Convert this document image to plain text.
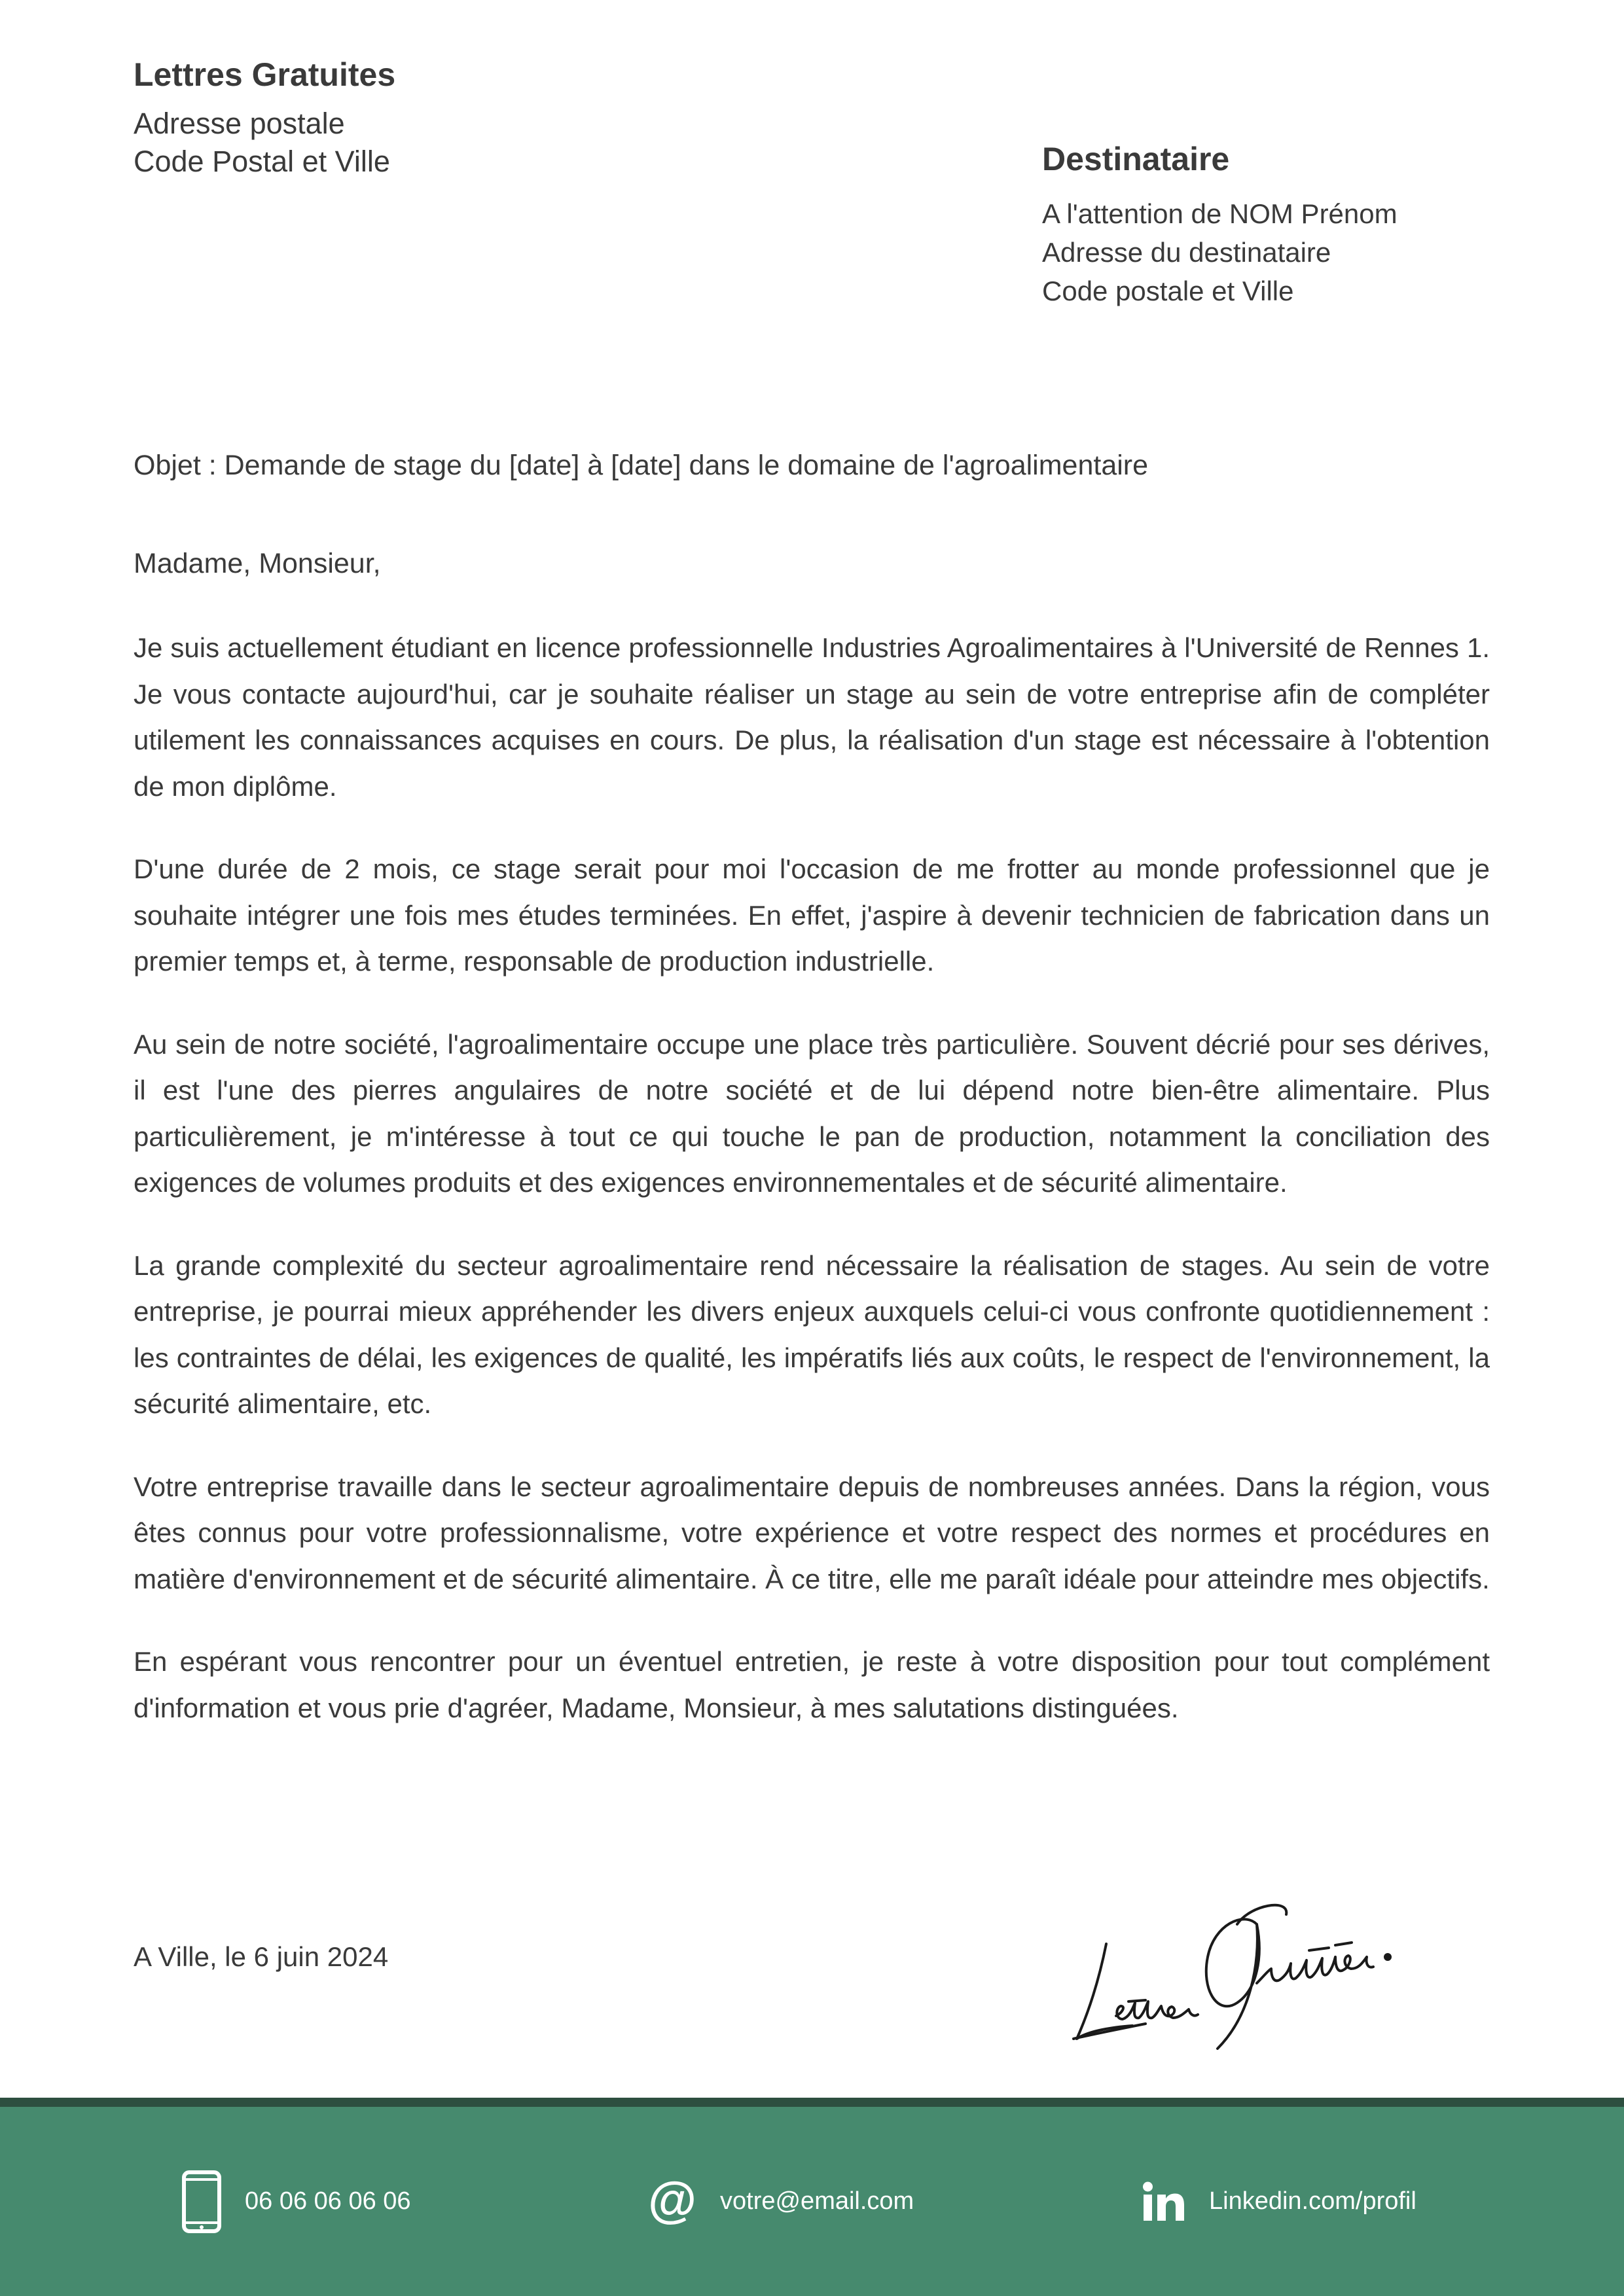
Lettres Gratuites
Adresse postale
Code Postal et Ville	Destinataire
A l'attention de NOM Prénom
Adresse du destinataire
Code postale et Ville
Objet : Demande de stage du [date] à [date] dans le domaine de l'agroalimentaire
Madame, Monsieur,

Je suis actuellement étudiant en licence professionnelle Industries Agroalimentaires à l'Université de Rennes 1. Je vous contacte aujourd'hui, car je souhaite réaliser un stage au sein de votre entreprise afin de compléter utilement les connaissances acquises en cours. De plus, la réalisation d'un stage est nécessaire à l'obtention de mon diplôme.

D'une durée de 2 mois, ce stage serait pour moi l'occasion de me frotter au monde professionnel que je souhaite intégrer une fois mes études terminées. En effet, j'aspire à devenir technicien de fabrication dans un premier temps et, à terme, responsable de production industrielle.

Au sein de notre société, l'agroalimentaire occupe une place très particulière. Souvent décrié pour ses dérives, il est l'une des pierres angulaires de notre société et de lui dépend notre bien-être alimentaire. Plus particulièrement, je m'intéresse à tout ce qui touche le pan de production, notamment la conciliation des exigences de volumes produits et des exigences environnementales et de sécurité alimentaire.

La grande complexité du secteur agroalimentaire rend nécessaire la réalisation de stages. Au sein de votre entreprise, je pourrai mieux appréhender les divers enjeux auxquels celui-ci vous confronte quotidiennement : les contraintes de délai, les exigences de qualité, les impératifs liés aux coûts, le respect de l'environnement, la sécurité alimentaire, etc.

Votre entreprise travaille dans le secteur agroalimentaire depuis de nombreuses années. Dans la région, vous êtes connus pour votre professionnalisme, votre expérience et votre respect des normes et procédures en matière d'environnement et de sécurité alimentaire. À ce titre, elle me paraît idéale pour atteindre mes objectifs.

En espérant vous rencontrer pour un éventuel entretien, je reste à votre disposition pour tout complément d'information et vous prie d'agréer, Madame, Monsieur, à mes salutations distinguées.

A Ville, le 6 juin 2024
06 06 06 06 06	@ votre@email.com	Linkedin.com/profil
